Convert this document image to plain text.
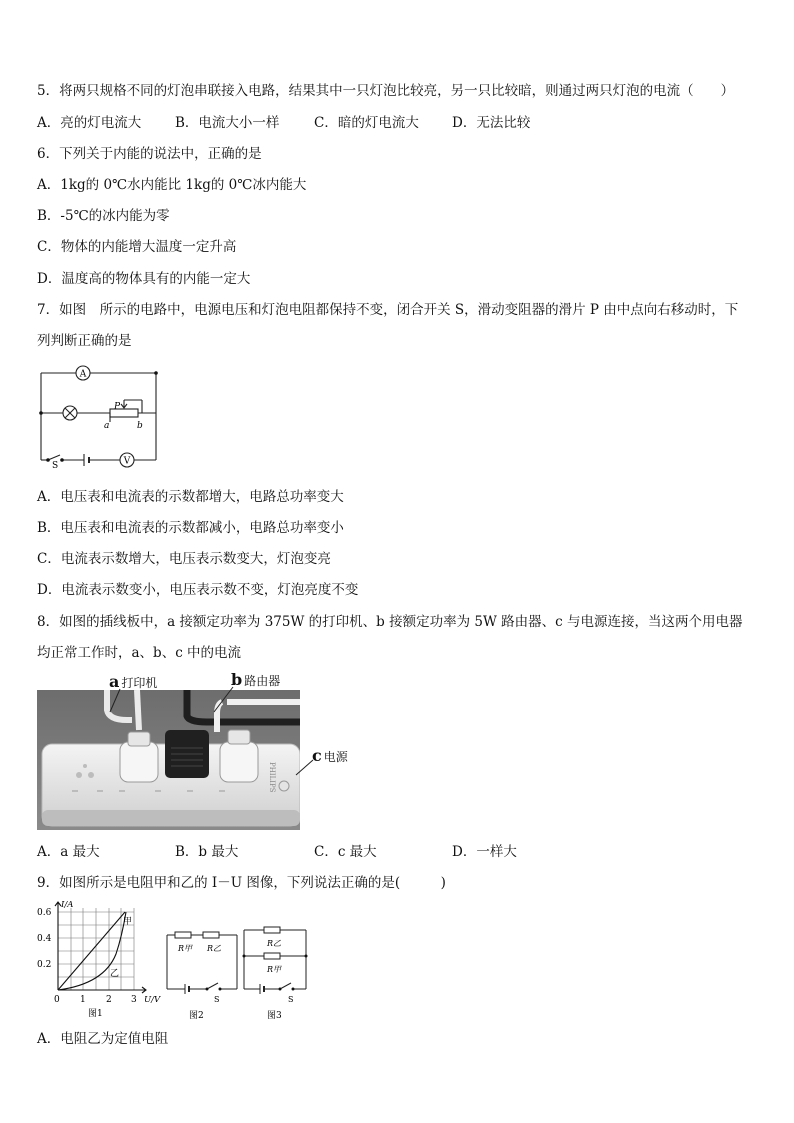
5．将两只规格不同的灯泡串联接入电路，结果其中一只灯泡比较亮，另一只比较暗，则通过两只灯泡的电流（　　）
A．亮的灯电流大	B．电流大小一样	C．暗的灯电流大 D．无法比较
6．下列关于内能的说法中，正确的是
A．1kg的 0℃水内能比 1kg的 0℃冰内能大
B．-5℃的冰内能为零
C．物体的内能增大温度一定升高
D．温度高的物体具有的内能一定大
7．如图　所示的电路中，电源电压和灯泡电阻都保持不变，闭合开关 S，滑动变阻器的滑片 P 由中点向右移动时，下
列判断正确的是
A
V
P
a	b
S
A．电压表和电流表的示数都增大，电路总功率变大
B．电压表和电流表的示数都减小，电路总功率变小
C．电流表示数增大，电压表示数变大，灯泡变亮
D．电流表示数变小，电压表示数不变，灯泡亮度不变
8．如图的插线板中，a 接额定功率为 375W 的打印机、b 接额定功率为 5W 路由器、c 与电源连接，当这两个用电器
均正常工作时，a、b、c 中的电流
PHILIPS
a 打印机	b 路由器
c 电源
A．a 最大	B．b 最大	C．c 最大	D．一样大
9．如图所示是电阻甲和乙的 I－U 图像，下列说法正确的是(　　　)
I/A
U/V
0.6
0.4
0.2
0 1 2 3
甲
乙
图1
R甲 R乙
S
图2
R乙
R甲
S
图3
A．电阻乙为定值电阻
